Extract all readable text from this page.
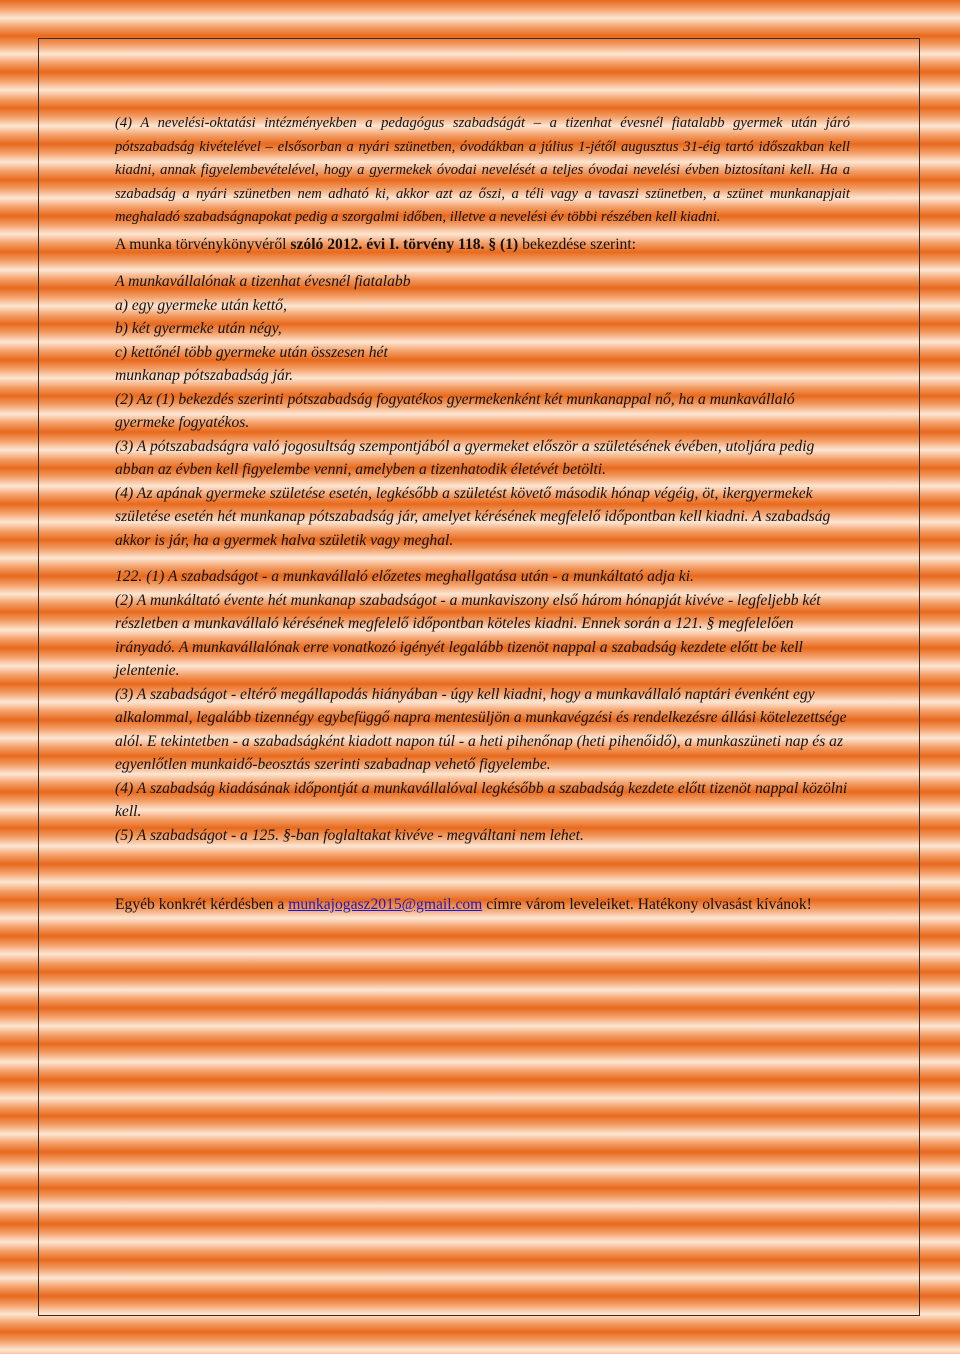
(4) A nevelési-oktatási intézményekben a pedagógus szabadságát – a tizenhat évesnél fiatalabb gyermek után járó pótszabadság kivételével – elsősorban a nyári szünetben, óvodákban a július 1-jétől augusztus 31-éig tartó időszakban kell kiadni, annak figyelembevételével, hogy a gyermekek óvodai nevelését a teljes óvodai nevelési évben biztosítani kell. Ha a szabadság a nyári szünetben nem adható ki, akkor azt az őszi, a téli vagy a tavaszi szünetben, a szünet munkanapjait meghaladó szabadságnapokat pedig a szorgalmi időben, illetve a nevelési év többi részében kell kiadni.
A munka törvénykönyvéről szóló 2012. évi I. törvény 118. § (1) bekezdése szerint:
A munkavállalónak a tizenhat évesnél fiatalabb
a) egy gyermeke után kettő,
b) két gyermeke után négy,
c) kettőnél több gyermeke után összesen hét
munkanap pótszabadság jár.
(2) Az (1) bekezdés szerinti pótszabadság fogyatékos gyermekenként két munkanappal nő, ha a munkavállaló gyermeke fogyatékos.
(3) A pótszabadságra való jogosultság szempontjából a gyermeket először a születésének évében, utoljára pedig abban az évben kell figyelembe venni, amelyben a tizenhatodik életévét betölti.
(4) Az apának gyermeke születése esetén, legkésőbb a születést követő második hónap végéig, öt, ikergyermekek születése esetén hét munkanap pótszabadság jár, amelyet kérésének megfelelő időpontban kell kiadni. A szabadság akkor is jár, ha a gyermek halva születik vagy meghal.
122. (1) A szabadságot - a munkavállaló előzetes meghallgatása után - a munkáltató adja ki.
(2) A munkáltató évente hét munkanap szabadságot - a munkaviszony első három hónapját kivéve - legfeljebb két részletben a munkavállaló kérésének megfelelő időpontban köteles kiadni. Ennek során a 121. § megfelelően irányadó. A munkavállalónak erre vonatkozó igényét legalább tizenöt nappal a szabadság kezdete előtt be kell jelentenie.
(3) A szabadságot - eltérő megállapodás hiányában - úgy kell kiadni, hogy a munkavállaló naptári évenként egy alkalommal, legalább tizennégy egybefüggő napra mentesüljön a munkavégzési és rendelkezésre állási kötelezettsége alól. E tekintetben - a szabadságként kiadott napon túl - a heti pihenőnap (heti pihenőidő), a munkaszüneti nap és az egyenlőtlen munkaidő-beosztás szerinti szabadnap vehető figyelembe.
(4) A szabadság kiadásának időpontját a munkavállalóval legkésőbb a szabadság kezdete előtt tizenöt nappal közölni kell.
(5) A szabadságot - a 125. §-ban foglaltakat kivéve - megváltani nem lehet.
Egyéb konkrét kérdésben a munkajogasz2015@gmail.com címre várom leveleiket. Hatékony olvasást kívánok!
